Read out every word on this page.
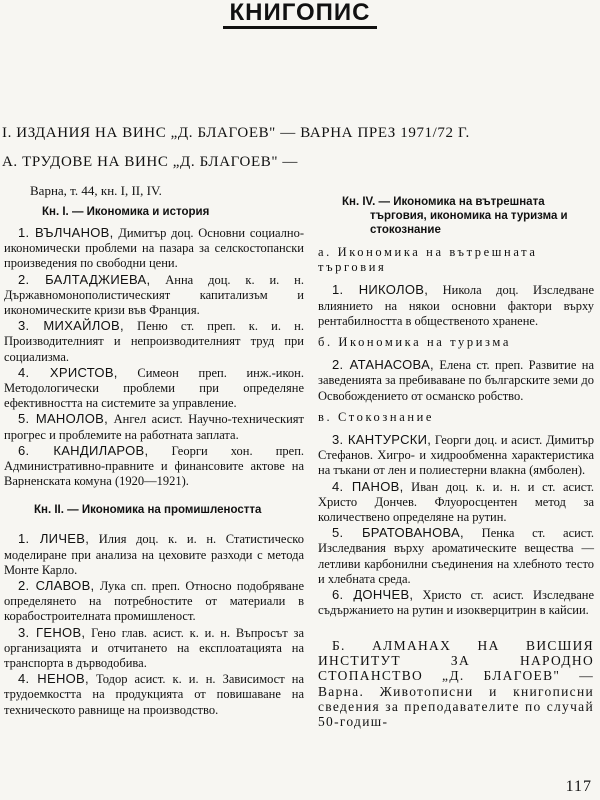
КНИГОПИС
I. ИЗДАНИЯ НА ВИНС „Д. БЛАГОЕВ" — ВАРНА ПРЕЗ 1971/72 Г.
А. ТРУДОВЕ НА ВИНС „Д. БЛАГОЕВ" —
Варна, т. 44, кн. I, II, IV.
Кн. I. — Икономика и история

1. ВЪЛЧАНОВ, Димитър доц. Основни социално-икономически проблеми на пазара за селскостопански произведения по свободни цени.

2. БАЛТАДЖИЕВА, Анна доц. к. и. н. Държавномонополистическият капитализъм и икономическите кризи във Франция.

3. МИХАЙЛОВ, Пеню ст. преп. к. и. н. Производителният и непроизводителният труд при социализма.

4. ХРИСТОВ, Симеон преп. инж.-икон. Методологически проблеми при определяне ефективността на системите за управление.

5. МАНОЛОВ, Ангел асист. Научно-техническият прогрес и проблемите на работната заплата.

6. КАНДИЛАРОВ, Георги хон. преп. Административно-правните и финансовите актове на Варненската комуна (1920—1921).

Кн. II. — Икономика на промишлеността

1. ЛИЧЕВ, Илия доц. к. и. н. Статистическо моделиране при анализа на цеховите разходи с метода Монте Карло.

2. СЛАВОВ, Лука сп. преп. Относно подобряване определянето на потребностите от материали в корабостроителната промишленост.

3. ГЕНОВ, Гено глав. асист. к. и. н. Въпросът за организацията и отчитането на експлоатацията на транспорта в дърводобива.

4. НЕНОВ, Тодор асист. к. и. н. Зависимост на трудоемкостта на продукцията от повишаване на техническото равнище на производство.

Кн. IV. — Икономика на вътрешната търговия, икономика на туризма и стокознание
а. Икономика на вътрешната търговия

1. НИКОЛОВ, Никола доц. Изследване влиянието на някои основни фактори върху рентабилността в общественото хранене.

б. Икономика на туризма

2. АТАНАСОВА, Елена ст. преп. Развитие на заведенията за пребиваване по българските земи до Освобождението от османско робство.

в. Стокознание

3. КАНТУРСКИ, Георги доц. и асист. Димитър Стефанов. Хигро- и хидрообменна характеристика на тъкани от лен и полиестерни влакна (ямболен).

4. ПАНОВ, Иван доц. к. и. н. и ст. асист. Христо Дончев. Флуоросцентен метод за количествено определяне на рутин.

5. БРАТОВАНОВА, Пенка ст. асист. Изследвания върху ароматическите вещества — летливи карбонилни съединения на хлебното тесто и хлебната среда.

6. ДОНЧЕВ, Христо ст. асист. Изследване съдържанието на рутин и изокверцитрин в кайсии.

Б. АЛМАНАХ НА ВИСШИЯ ИНСТИТУТ ЗА НАРОДНО СТОПАНСТВО „Д. БЛАГОЕВ" — Варна. Животописни и книгописни сведения за преподавателите по случай 50-годиш-

117
